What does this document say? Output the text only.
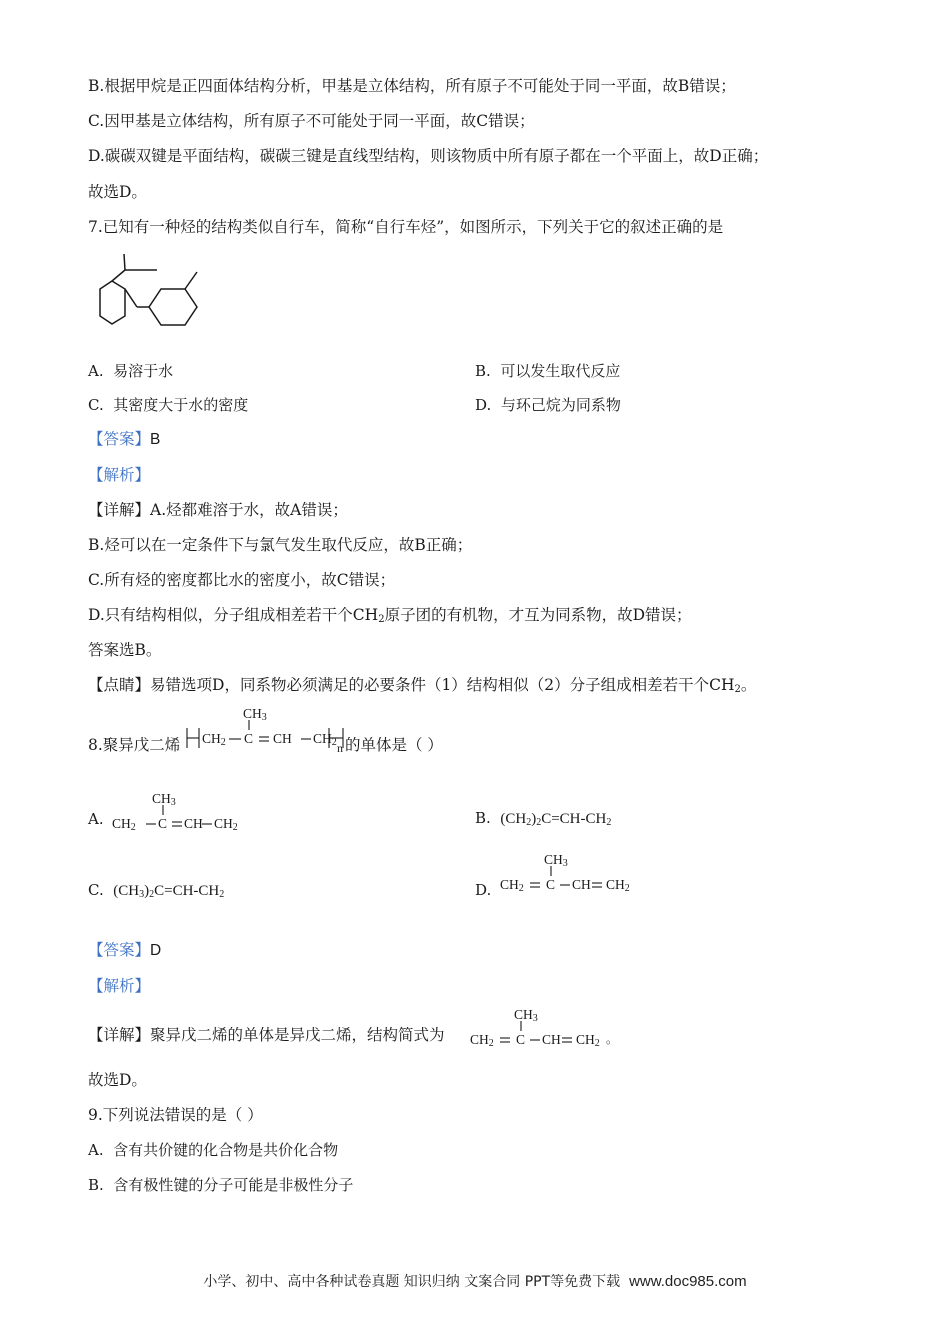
B.根据甲烷是正四面体结构分析，甲基是立体结构，所有原子不可能处于同一平面，故B错误；
C.因甲基是立体结构，所有原子不可能处于同一平面，故C错误；
D.碳碳双键是平面结构，碳碳三键是直线型结构，则该物质中所有原子都在一个平面上，故D正确；
故选D。
7.已知有一种烃的结构类似自行车，简称“自行车烃”，如图所示，下列关于它的叙述正确的是
A. 易溶于水	B. 可以发生取代反应
C. 其密度大于水的密度	D. 与环己烷为同系物
【答案】B
【解析】
【详解】A.烃都难溶于水，故A错误；
B.烃可以在一定条件下与氯气发生取代反应，故B正确；
C.所有烃的密度都比水的密度小，故C错误；
D.只有结构相似，分子组成相差若干个$CH_2$原子团的有机物，才互为同系物，故D错误；
答案选B。
【点睛】易错选项D，同系物必须满足的必要条件（1）结构相似（2）分子组成相差若干个$CH_2$。
8.聚异戊二烯
$CH_3$
$CH_2$ C CH $CH_2$ n 的单体是（ ）
A.
$CH_3$
$CH_2$ C CH $CH_2$
B. $(CH_2)_2C=CH-CH_2$
C. $(CH_3)_2C=CH-CH_2$	D.
$CH_3$
$CH_2$ C CH $CH_2$
【答案】D
【解析】
【详解】聚异戊二烯的单体是异戊二烯，结构简式为
$CH_3$
$CH_2$ C CH $CH_2$ 。
故选D。
9.下列说法错误的是（ ）
A. 含有共价键的化合物是共价化合物
B. 含有极性键的分子可能是非极性分子
小学、初中、高中各种试卷真题 知识归纳 文案合同 PPT等免费下载 www.doc985.com
